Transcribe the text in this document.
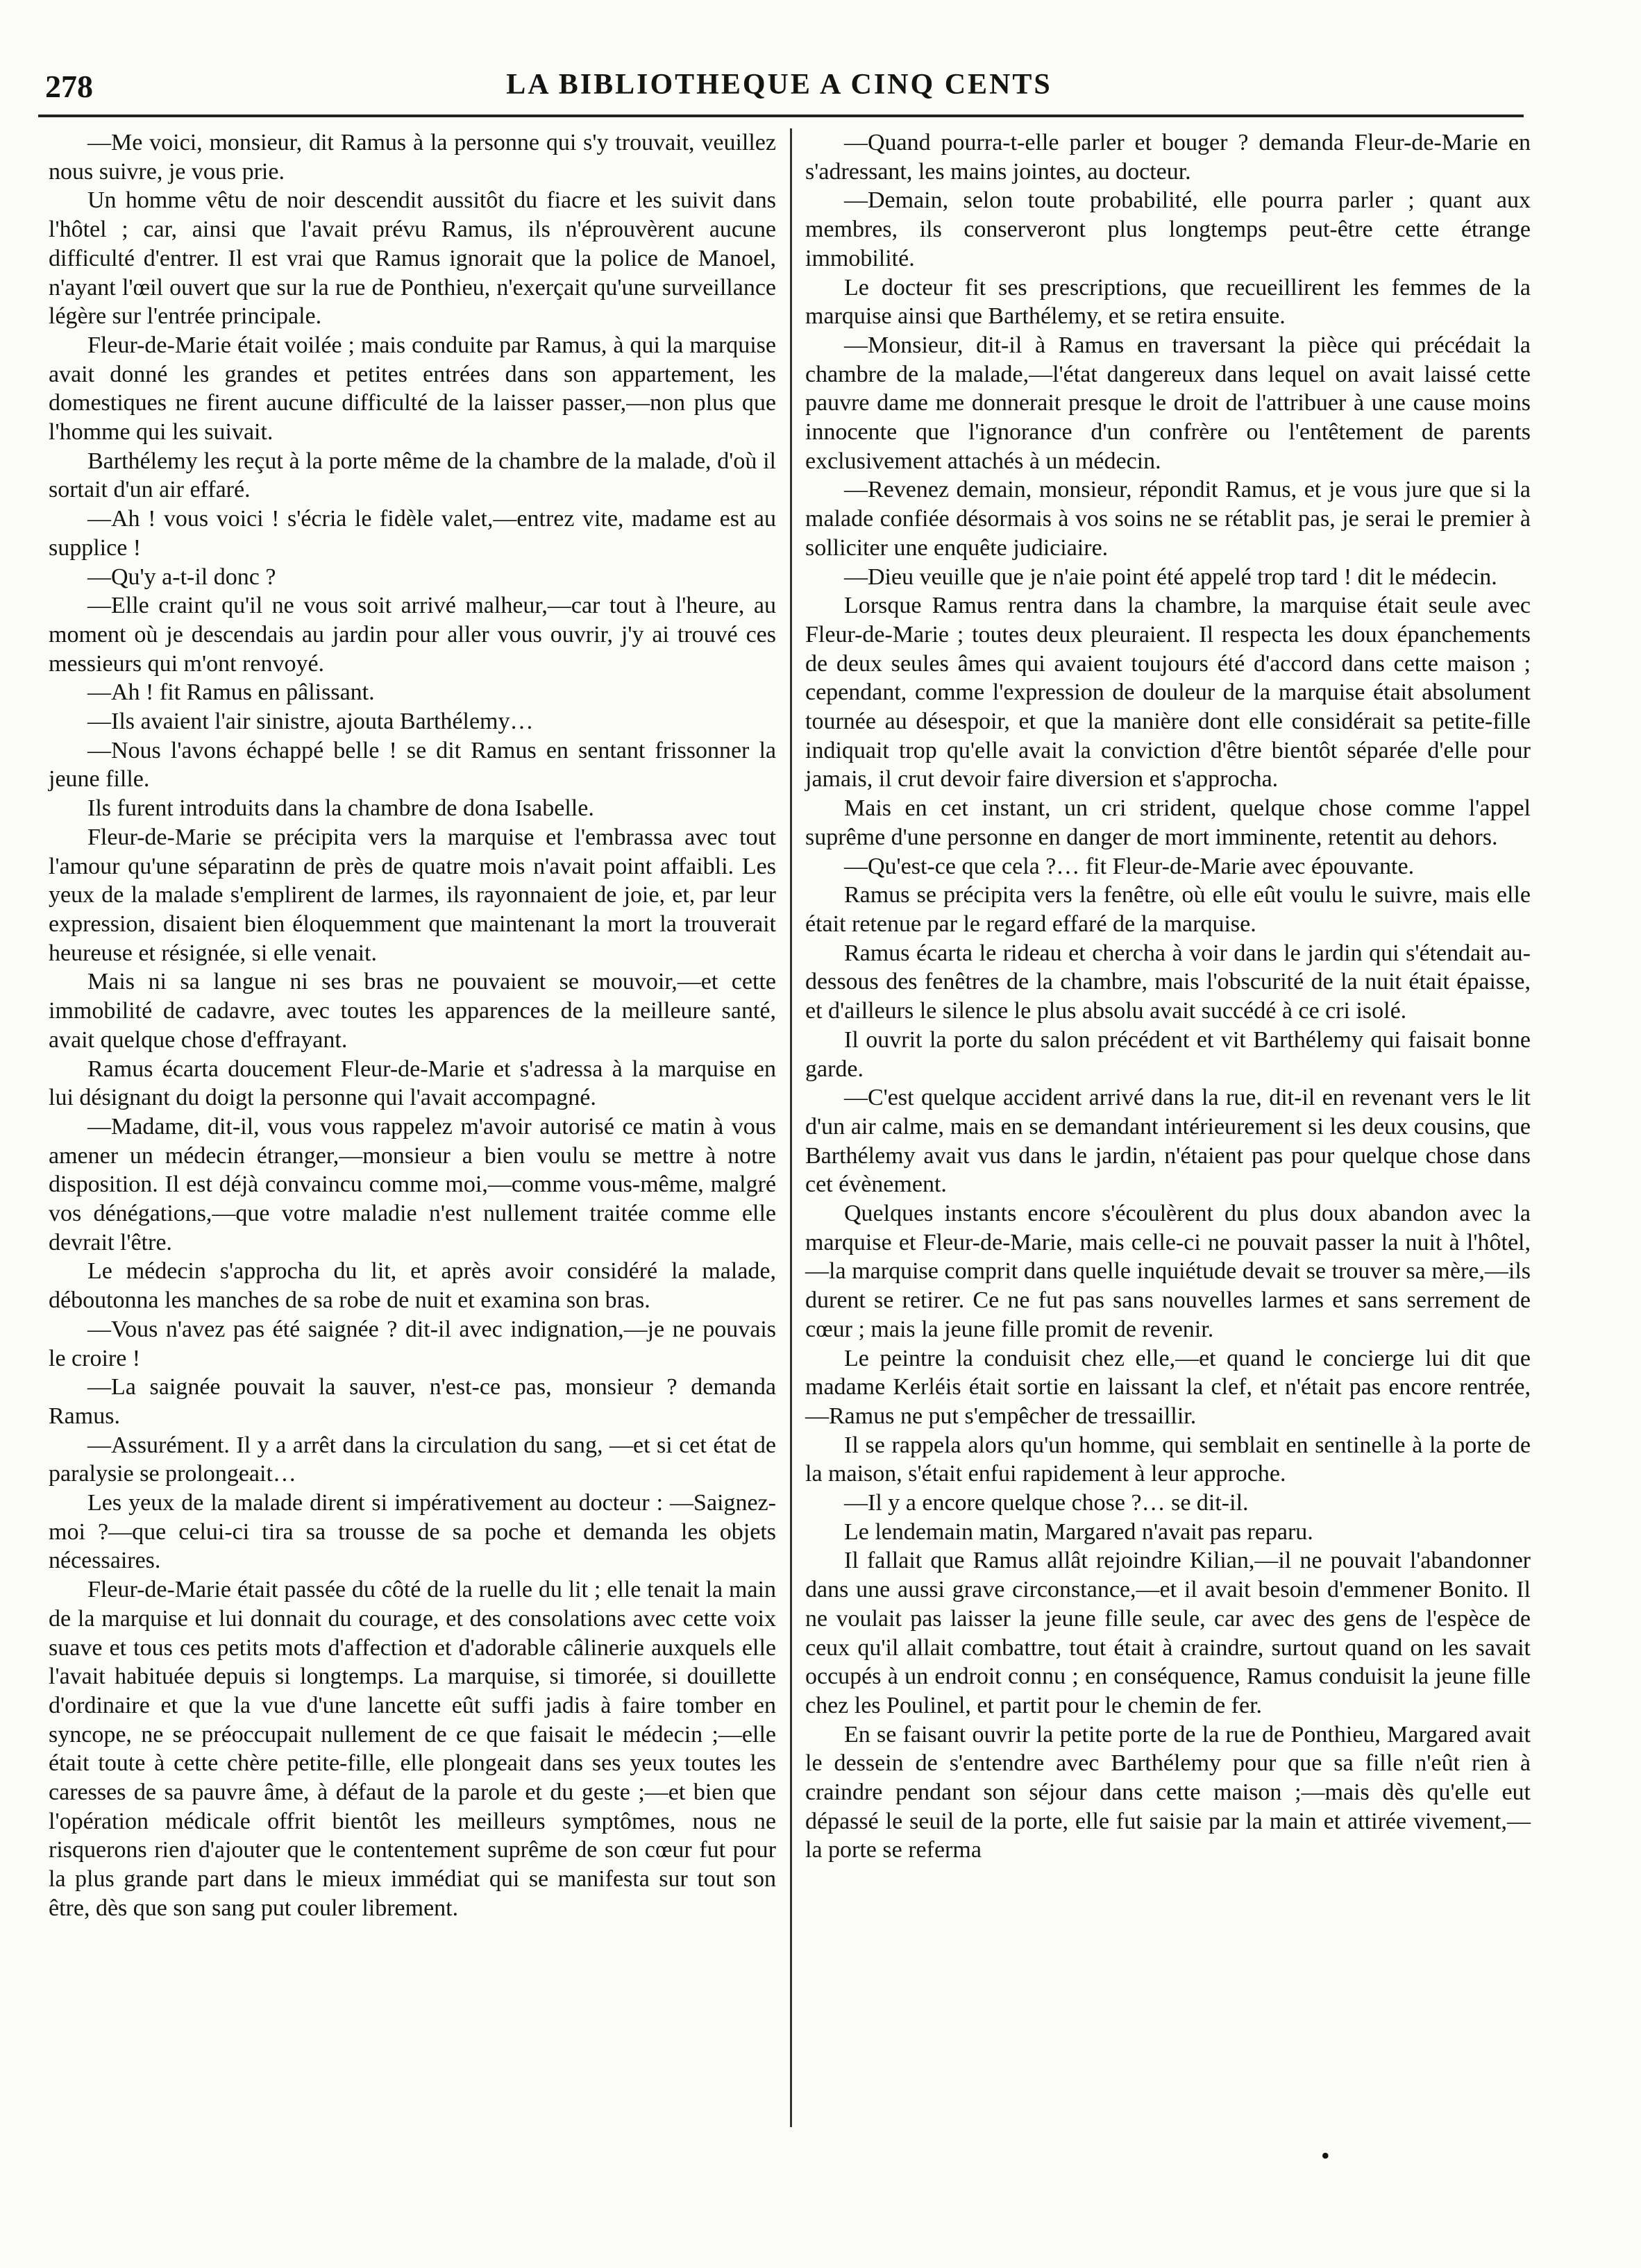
278	LA BIBLIOTHEQUE A CINQ CENTS

—Me voici, monsieur, dit Ramus à la personne qui s'y trouvait, veuillez nous suivre, je vous prie.

Un homme vêtu de noir descendit aussitôt du fiacre et les suivit dans l'hôtel ; car, ainsi que l'avait prévu Ramus, ils n'éprouvèrent aucune difficulté d'entrer. Il est vrai que Ramus ignorait que la police de Manoel, n'ayant l'œil ouvert que sur la rue de Ponthieu, n'exerçait qu'une surveillance légère sur l'entrée principale.

Fleur-de-Marie était voilée ; mais conduite par Ramus, à qui la marquise avait donné les grandes et petites entrées dans son appartement, les domestiques ne firent aucune difficulté de la laisser passer,—non plus que l'homme qui les suivait.

Barthélemy les reçut à la porte même de la chambre de la malade, d'où il sortait d'un air effaré.

—Ah ! vous voici ! s'écria le fidèle valet,—entrez vite, madame est au supplice !

—Qu'y a-t-il donc ?

—Elle craint qu'il ne vous soit arrivé malheur,—car tout à l'heure, au moment où je descendais au jardin pour aller vous ouvrir, j'y ai trouvé ces messieurs qui m'ont renvoyé.

—Ah ! fit Ramus en pâlissant.

—Ils avaient l'air sinistre, ajouta Barthélemy…

—Nous l'avons échappé belle ! se dit Ramus en sentant frissonner la jeune fille.

Ils furent introduits dans la chambre de dona Isabelle.

Fleur-de-Marie se précipita vers la marquise et l'embrassa avec tout l'amour qu'une séparatinn de près de quatre mois n'avait point affaibli. Les yeux de la malade s'emplirent de larmes, ils rayonnaient de joie, et, par leur expression, disaient bien éloquemment que maintenant la mort la trouverait heureuse et résignée, si elle venait.

Mais ni sa langue ni ses bras ne pouvaient se mouvoir,—et cette immobilité de cadavre, avec toutes les apparences de la meilleure santé, avait quelque chose d'effrayant.

Ramus écarta doucement Fleur-de-Marie et s'adressa à la marquise en lui désignant du doigt la personne qui l'avait accompagné.

—Madame, dit-il, vous vous rappelez m'avoir autorisé ce matin à vous amener un médecin étranger,—monsieur a bien voulu se mettre à notre disposition. Il est déjà convaincu comme moi,—comme vous-même, malgré vos dénégations,—que votre maladie n'est nullement traitée comme elle devrait l'être.

Le médecin s'approcha du lit, et après avoir considéré la malade, déboutonna les manches de sa robe de nuit et examina son bras.

—Vous n'avez pas été saignée ? dit-il avec indignation,—je ne pouvais le croire !

—La saignée pouvait la sauver, n'est-ce pas, monsieur ? demanda Ramus.

—Assurément. Il y a arrêt dans la circulation du sang, —et si cet état de paralysie se prolongeait…

Les yeux de la malade dirent si impérativement au docteur : —Saignez-moi ?—que celui-ci tira sa trousse de sa poche et demanda les objets nécessaires.

Fleur-de-Marie était passée du côté de la ruelle du lit ; elle tenait la main de la marquise et lui donnait du courage, et des consolations avec cette voix suave et tous ces petits mots d'affection et d'adorable câlinerie auxquels elle l'avait habituée depuis si longtemps. La marquise, si timorée, si douillette d'ordinaire et que la vue d'une lancette eût suffi jadis à faire tomber en syncope, ne se préoccupait nullement de ce que faisait le médecin ;—elle était toute à cette chère petite-fille, elle plongeait dans ses yeux toutes les caresses de sa pauvre âme, à défaut de la parole et du geste ;—et bien que l'opération médicale offrit bientôt les meilleurs symptômes, nous ne risquerons rien d'ajouter que le contentement suprême de son cœur fut pour la plus grande part dans le mieux immédiat qui se manifesta sur tout son être, dès que son sang put couler librement.

—Quand pourra-t-elle parler et bouger ? demanda Fleur-de-Marie en s'adressant, les mains jointes, au docteur.

—Demain, selon toute probabilité, elle pourra parler ; quant aux membres, ils conserveront plus longtemps peut-être cette étrange immobilité.

Le docteur fit ses prescriptions, que recueillirent les femmes de la marquise ainsi que Barthélemy, et se retira ensuite.

—Monsieur, dit-il à Ramus en traversant la pièce qui précédait la chambre de la malade,—l'état dangereux dans lequel on avait laissé cette pauvre dame me donnerait presque le droit de l'attribuer à une cause moins innocente que l'ignorance d'un confrère ou l'entêtement de parents exclusivement attachés à un médecin.

—Revenez demain, monsieur, répondit Ramus, et je vous jure que si la malade confiée désormais à vos soins ne se rétablit pas, je serai le premier à solliciter une enquête judiciaire.

—Dieu veuille que je n'aie point été appelé trop tard ! dit le médecin.

Lorsque Ramus rentra dans la chambre, la marquise était seule avec Fleur-de-Marie ; toutes deux pleuraient. Il respecta les doux épanchements de deux seules âmes qui avaient toujours été d'accord dans cette maison ; cependant, comme l'expression de douleur de la marquise était absolument tournée au désespoir, et que la manière dont elle considérait sa petite-fille indiquait trop qu'elle avait la conviction d'être bientôt séparée d'elle pour jamais, il crut devoir faire diversion et s'approcha.

Mais en cet instant, un cri strident, quelque chose comme l'appel suprême d'une personne en danger de mort imminente, retentit au dehors.

—Qu'est-ce que cela ?… fit Fleur-de-Marie avec épouvante.

Ramus se précipita vers la fenêtre, où elle eût voulu le suivre, mais elle était retenue par le regard effaré de la marquise.

Ramus écarta le rideau et chercha à voir dans le jardin qui s'étendait au-dessous des fenêtres de la chambre, mais l'obscurité de la nuit était épaisse, et d'ailleurs le silence le plus absolu avait succédé à ce cri isolé.

Il ouvrit la porte du salon précédent et vit Barthélemy qui faisait bonne garde.

—C'est quelque accident arrivé dans la rue, dit-il en revenant vers le lit d'un air calme, mais en se demandant intérieurement si les deux cousins, que Barthélemy avait vus dans le jardin, n'étaient pas pour quelque chose dans cet évènement.

Quelques instants encore s'écoulèrent du plus doux abandon avec la marquise et Fleur-de-Marie, mais celle-ci ne pouvait passer la nuit à l'hôtel,—la marquise comprit dans quelle inquiétude devait se trouver sa mère,—ils durent se retirer. Ce ne fut pas sans nouvelles larmes et sans serrement de cœur ; mais la jeune fille promit de revenir.

Le peintre la conduisit chez elle,—et quand le concierge lui dit que madame Kerléis était sortie en laissant la clef, et n'était pas encore rentrée,—Ramus ne put s'empêcher de tressaillir.

Il se rappela alors qu'un homme, qui semblait en sentinelle à la porte de la maison, s'était enfui rapidement à leur approche.

—Il y a encore quelque chose ?… se dit-il.

Le lendemain matin, Margared n'avait pas reparu.

Il fallait que Ramus allât rejoindre Kilian,—il ne pouvait l'abandonner dans une aussi grave circonstance,—et il avait besoin d'emmener Bonito. Il ne voulait pas laisser la jeune fille seule, car avec des gens de l'espèce de ceux qu'il allait combattre, tout était à craindre, surtout quand on les savait occupés à un endroit connu ; en conséquence, Ramus conduisit la jeune fille chez les Poulinel, et partit pour le chemin de fer.

En se faisant ouvrir la petite porte de la rue de Ponthieu, Margared avait le dessein de s'entendre avec Barthélemy pour que sa fille n'eût rien à craindre pendant son séjour dans cette maison ;—mais dès qu'elle eut dépassé le seuil de la porte, elle fut saisie par la main et attirée vivement,—la porte se referma

•
